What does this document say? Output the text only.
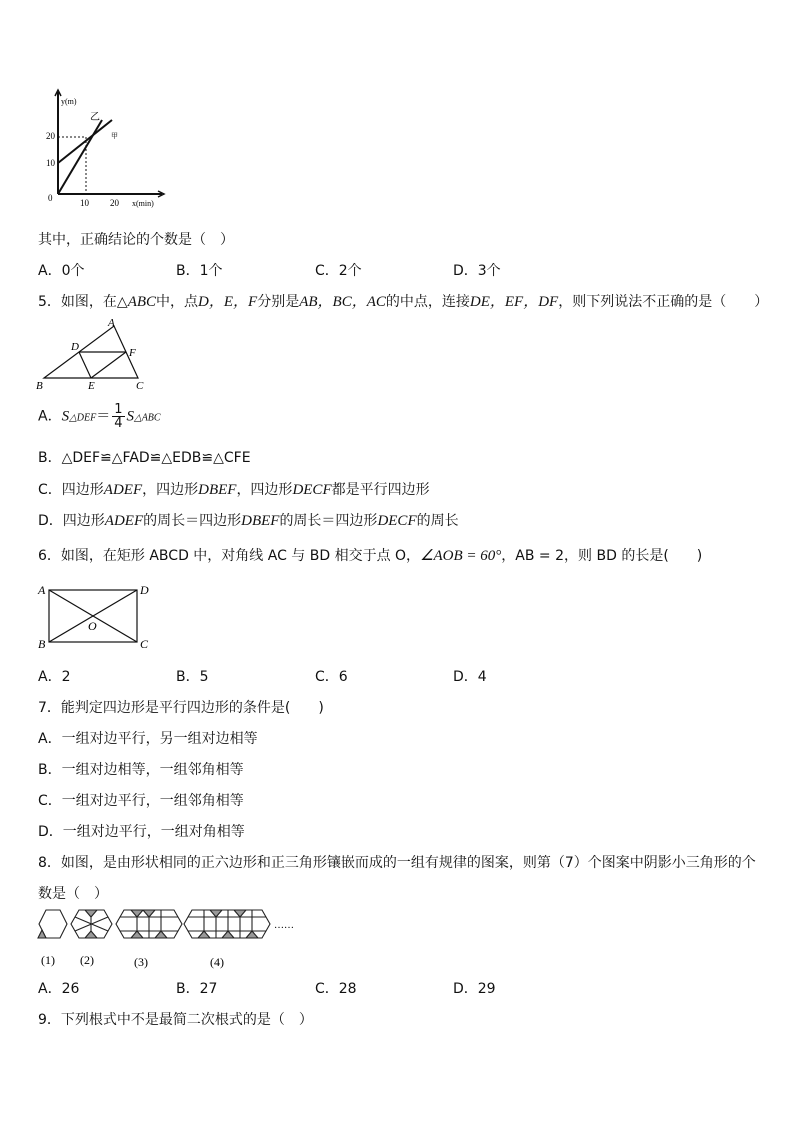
y(m)
x(min)
20
10
0	10 20
乙
甲
其中，正确结论的个数是（　）
A．0个	B．1个	C．2个	D．3个
5．如图，在△ABC中，点D，E，F分别是AB，BC，AC的中点，连接DE，EF，DF，则下列说法不正确的是（　　）
A
D	F
B	E	C
A．S△DEF＝ $\frac{1}{4}$ S△ABC
B．△DEF≌△FAD≌△EDB≌△CFE
C．四边形ADEF，四边形DBEF，四边形DECF都是平行四边形
D．四边形ADEF的周长＝四边形DBEF的周长＝四边形DECF的周长
6．如图，在矩形 ABCD 中，对角线 AC 与 BD 相交于点 O，∠AOB = 60°，AB = 2，则 BD 的长是(　　)
A	D
O
B	C
A．2	B．5	C．6	D．4
7．能判定四边形是平行四边形的条件是(　　)
A．一组对边平行，另一组对边相等
B．一组对边相等，一组邻角相等
C．一组对边平行，一组邻角相等
D．一组对边平行，一组对角相等
8．如图，是由形状相同的正六边形和正三角形镶嵌而成的一组有规律的图案，则第（7）个图案中阴影小三角形的个
数是（　）
……
(1) (2)	(3)	(4)
A．26	B．27	C．28	D．29
9．下列根式中不是最简二次根式的是（　）
